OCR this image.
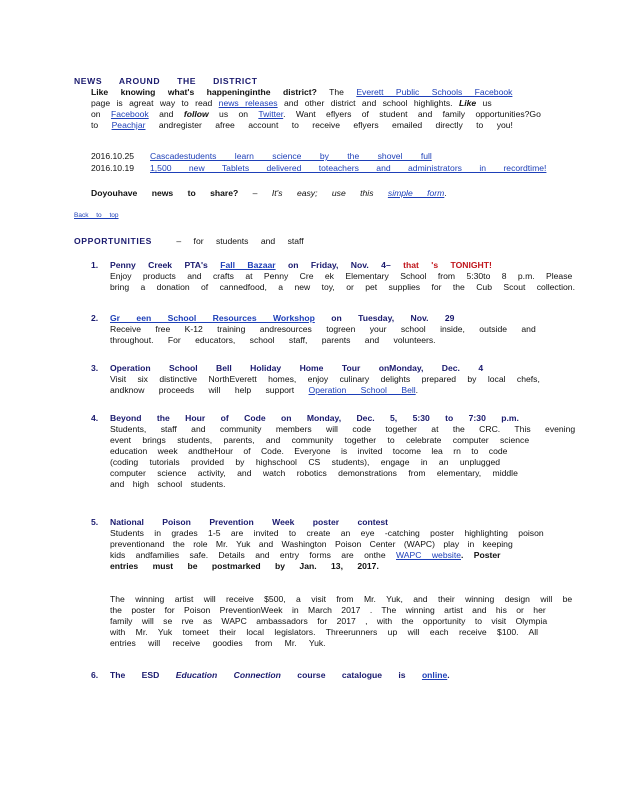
NEWS AROUND THE DISTRICT
Like knowing what's happeninginthe district? The Everett Public Schools Facebook
page is agreat way to read news releases and other district and school highlights. Like us
on Facebook and follow us on Twitter. Want eflyers of student and family opportunities?Go
to Peachjar andregister afree account to receive eflyers emailed directly to you!
2016.10.25 Cascadestudents learn science by the shovel full
2016.10.19 1,500 new Tablets delivered toteachers and administrators in recordtime!
Doyouhave news to share? – It's easy; use this simple form.
Back to top
OPPORTUNITIES	– for students and staff
1. Penny Creek PTA's Fall Bazaar on Friday, Nov. 4– that 's TONIGHT!
Enjoy products and crafts at Penny Cre ek Elementary School from 5:30to 8 p.m. Please
bring a donation of cannedfood, a new toy, or pet supplies for the Cub Scout collection.
2. Gr een School Resources Workshop on Tuesday, Nov. 29
Receive free K-12 training andresources togreen your school inside, outside and
throughout. For educators, school staff, parents and volunteers.
3. Operation School Bell Holiday Home Tour onMonday, Dec. 4
Visit six distinctive NorthEverett homes, enjoy culinary delights prepared by local chefs,
andknow proceeds will help support Operation School Bell.
4. Beyond the Hour of Code on Monday, Dec. 5, 5:30 to 7:30 p.m.
Students, staff and community members will code together at the CRC. This evening
event brings students, parents, and community together to celebrate computer science
education week andtheHour of Code. Everyone is invited tocome lea rn to code
(coding tutorials provided by highschool CS students), engage in an unplugged
computer science activity, and watch robotics demonstrations from elementary, middle
and high school students.
5. National Poison Prevention Week poster contest
Students in grades 1-5 are invited to create an eye -catching poster highlighting poison
preventionand the role Mr. Yuk and Washington Poison Center (WAPC) play in keeping
kids andfamilies safe. Details and entry forms are onthe WAPC website. Poster
entries must be postmarked by Jan. 13, 2017.
The winning artist will receive $500, a visit from Mr. Yuk, and their winning design will be
the poster for Poison PreventionWeek in March 2017 . The winning artist and his or her
family will se rve as WAPC ambassadors for 2017 , with the opportunity to visit Olympia
with Mr. Yuk tomeet their local legislators. Threerunners up will each receive $100. All
entries will receive goodies from Mr. Yuk.
6. The ESD Education Connection course catalogue is online.
